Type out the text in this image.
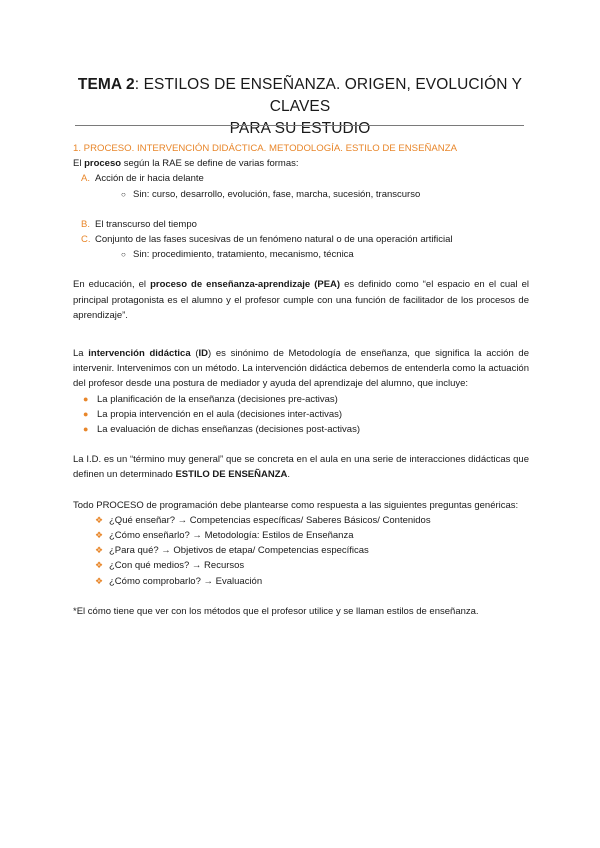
TEMA 2: ESTILOS DE ENSEÑANZA. ORIGEN, EVOLUCIÓN Y CLAVES
PARA SU ESTUDIO

1. PROCESO. INTERVENCIÓN DIDÁCTICA. METODOLOGÍA. ESTILO DE ENSEÑANZA

El proceso según la RAE se define de varias formas:

A. Acción de ir hacia delante
○ Sin: curso, desarrollo, evolución, fase, marcha, sucesión, transcurso
B. El transcurso del tiempo
C. Conjunto de las fases sucesivas de un fenómeno natural o de una operación artificial
○ Sin: procedimiento, tratamiento, mecanismo, técnica

En educación, el proceso de enseñanza-aprendizaje (PEA) es definido como “el espacio en el cual el principal protagonista es el alumno y el profesor cumple con una función de facilitador de los procesos de aprendizaje”.

La intervención didáctica (ID) es sinónimo de Metodología de enseñanza, que significa la acción de intervenir. Intervenimos con un método. La intervención didáctica debemos de entenderla como la actuación del profesor desde una postura de mediador y ayuda del aprendizaje del alumno, que incluye:

● La planificación de la enseñanza (decisiones pre-activas)
● La propia intervención en el aula (decisiones inter-activas)
● La evaluación de dichas enseñanzas (decisiones post-activas)

La I.D. es un “término muy general” que se concreta en el aula en una serie de interacciones didácticas que definen un determinado ESTILO DE ENSEÑANZA.

Todo PROCESO de programación debe plantearse como respuesta a las siguientes preguntas genéricas:

❖ ¿Qué enseñar? → Competencias específicas/ Saberes Básicos/ Contenidos
❖ ¿Cómo enseñarlo? → Metodología: Estilos de Enseñanza
❖ ¿Para qué? → Objetivos de etapa/ Competencias específicas
❖ ¿Con qué medios? → Recursos
❖ ¿Cómo comprobarlo? → Evaluación

*El cómo tiene que ver con los métodos que el profesor utilice y se llaman estilos de enseñanza.
